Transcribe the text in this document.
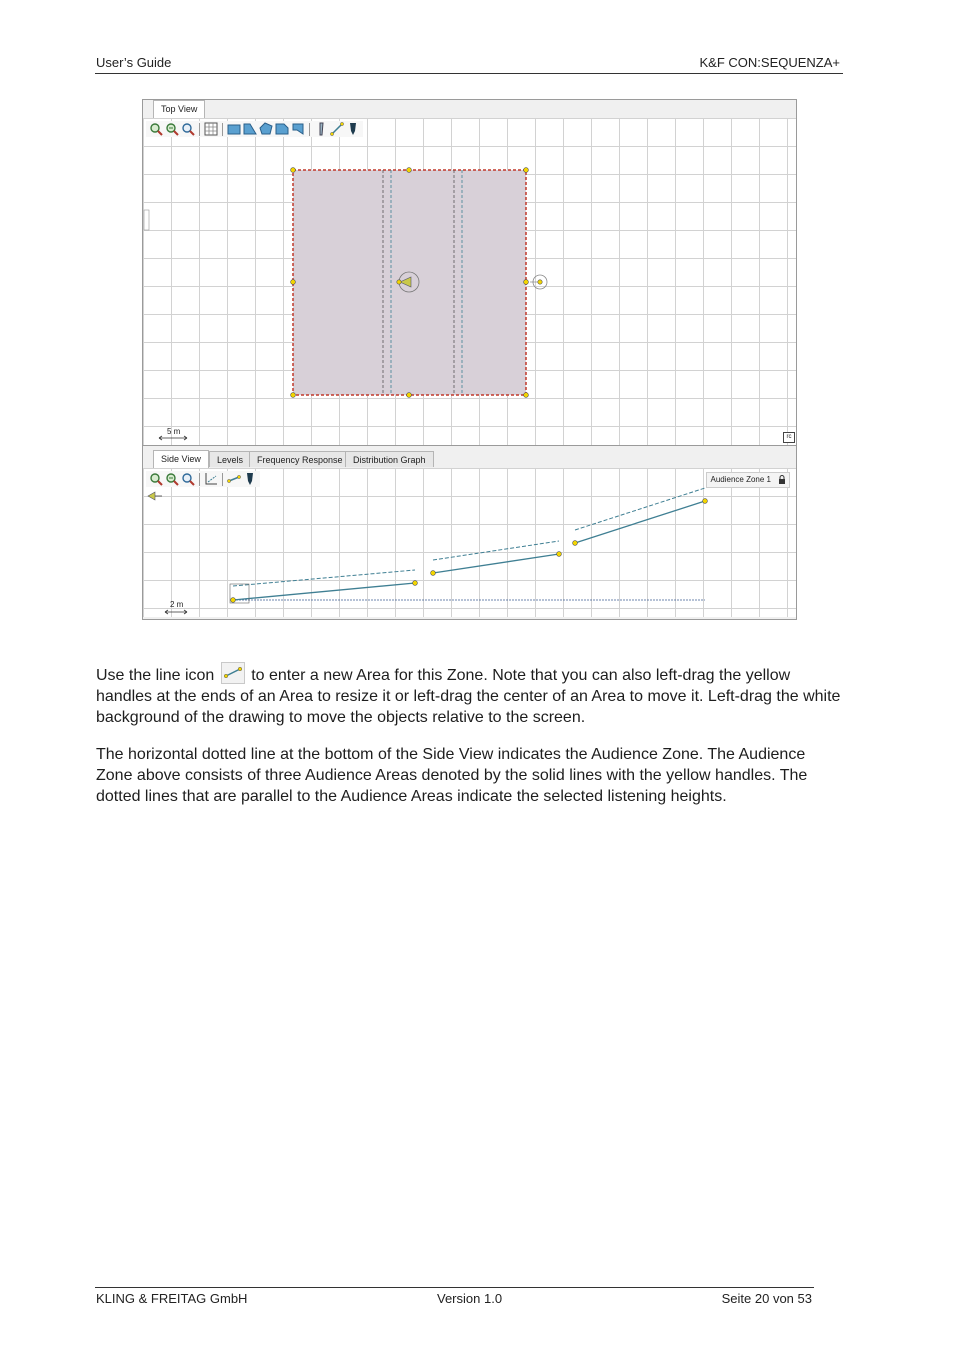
User’s Guide	K&F CON:SEQUENZA+
Top View
5 m
rc
Side View	Levels	Frequency Response	Distribution Graph
Audience Zone 1
2 m
Use the line icon  to enter a new Area for this Zone. Note that you can also left-drag the yellow handles at the ends of an Area to resize it or left-drag the center of an Area to move it. Left-drag the white background of the drawing to move the objects relative to the screen.
The horizontal dotted line at the bottom of the Side View indicates the Audience Zone. The Audience Zone above consists of three Audience Areas denoted by the solid lines with the yellow handles. The dotted lines that are parallel to the Audience Areas indicate the selected listening heights.
KLING & FREITAG GmbH	Version 1.0	Seite 20 von 53
